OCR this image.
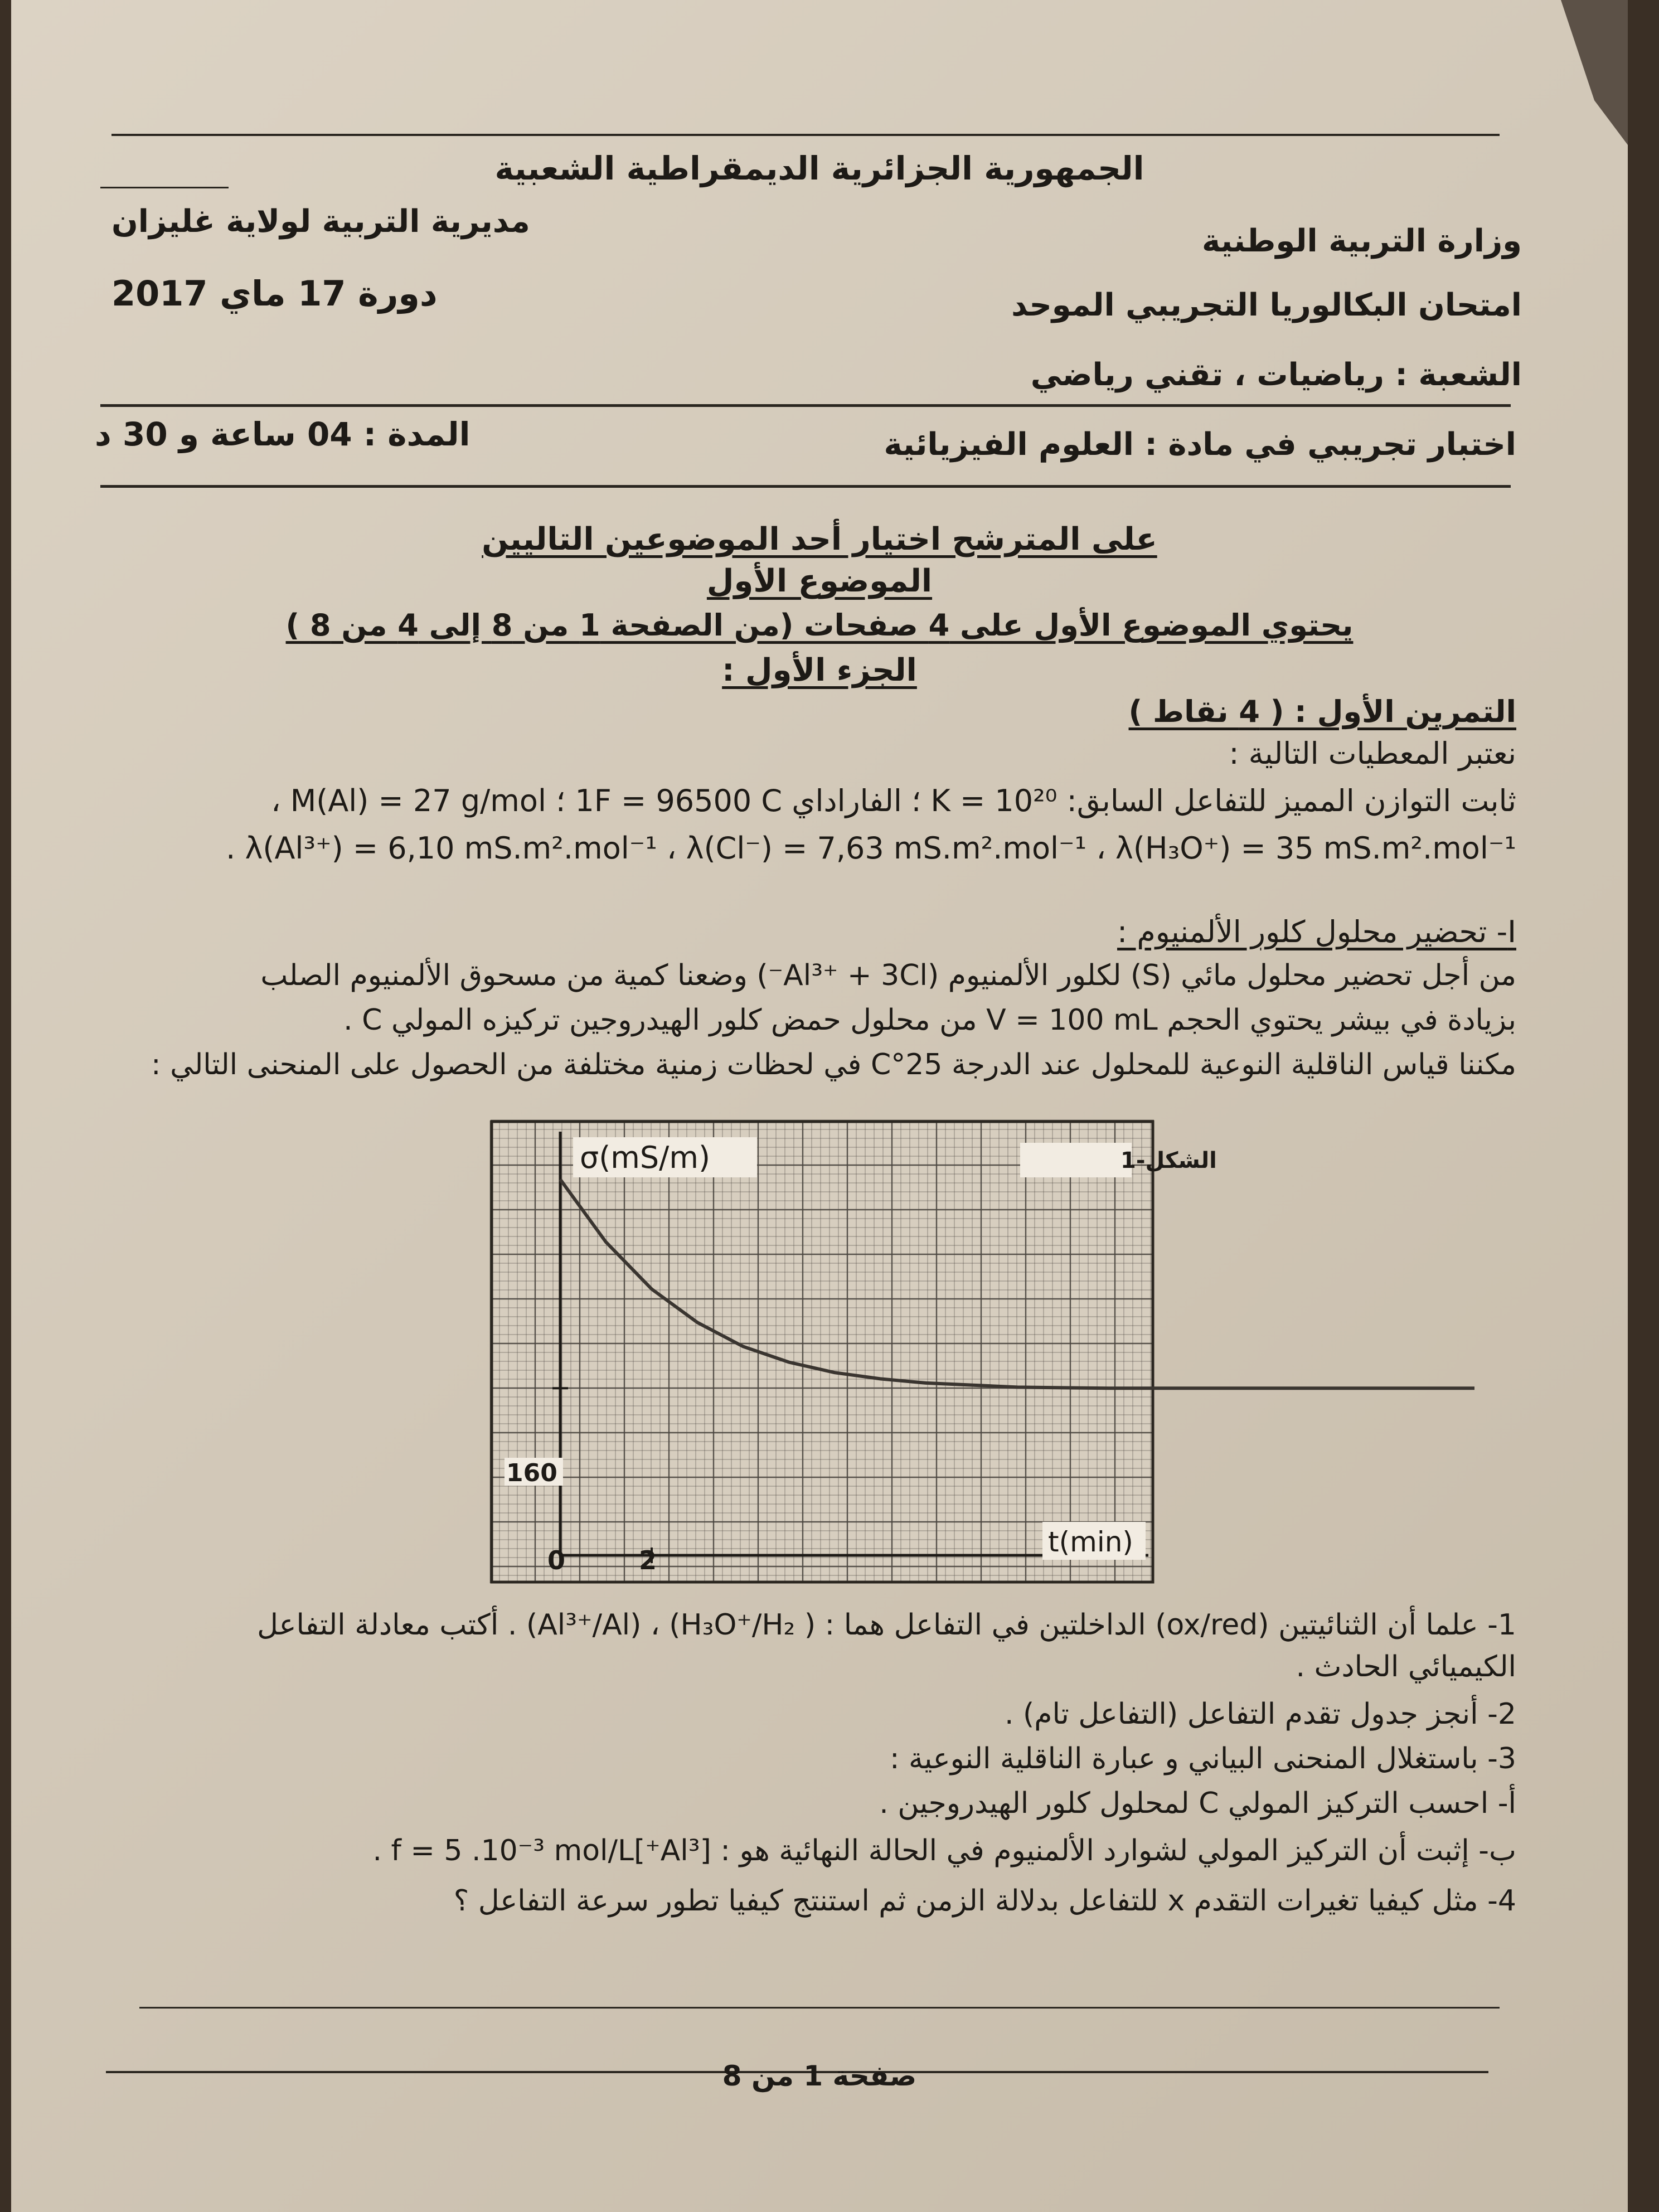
الجمهورية الجزائرية الديمقراطية الشعبية
وزارة التربية الوطنية
مديرية التربية لولاية غليزان
امتحان البكالوريا التجريبي الموحد
دورة 17 ماي 2017
الشعبة : رياضيات ، تقني رياضي
اختبار تجريبي في مادة : العلوم الفيزيائية
المدة : 04 ساعة و 30 د
على المترشح اختيار أحد الموضوعين التاليين
الموضوع الأول
يحتوي الموضوع الأول على 4 صفحات (من الصفحة 1 من 8 إلى 4 من 8 )
الجزء الأول :
التمرين الأول : ( 4 نقاط )
نعتبر المعطيات التالية :
ثابت التوازن المميز للتفاعل السابق: K = 10²⁰ ؛ الفاراداي 1F = 96500 C ؛ M(Al) = 27 g/mol ،
λ(Al³⁺) = 6,10 mS.m².mol⁻¹ ، λ(Cl⁻) = 7,63 mS.m².mol⁻¹ ، λ(H₃O⁺) = 35 mS.m².mol⁻¹ .
I- تحضير محلول كلور الألمنيوم :
من أجل تحضير محلول مائي (S) لكلور الألمنيوم (Al³⁺ + 3Cl⁻) وضعنا كمية من مسحوق الألمنيوم الصلب
بزيادة في بيشر يحتوي الحجم V = 100 mL من محلول حمض كلور الهيدروجين تركيزه المولي C .
مكننا قياس الناقلية النوعية للمحلول عند الدرجة 25°C في لحظات زمنية مختلفة من الحصول على المنحنى التالي :
σ(mS/m)	الشكل-1
t(min)
160
0	2
1- علما أن الثنائيتين (ox/red) الداخلتين في التفاعل هما : ( H₃O⁺/H₂) ، (Al³⁺/Al) . أكتب معادلة التفاعل
الكيميائي الحادث .
2- أنجز جدول تقدم التفاعل (التفاعل تام) .
3- باستغلال المنحنى البياني و عبارة الناقلية النوعية :
أ- احسب التركيز المولي C لمحلول كلور الهيدروجين .
ب- إثبت أن التركيز المولي لشوارد الألمنيوم في الحالة النهائية هو : [Al³⁺]f = 5 .10⁻³ mol/L .
4- مثل كيفيا تغيرات التقدم x للتفاعل بدلالة الزمن ثم استنتج كيفيا تطور سرعة التفاعل ؟
صفحة 1 من 8
